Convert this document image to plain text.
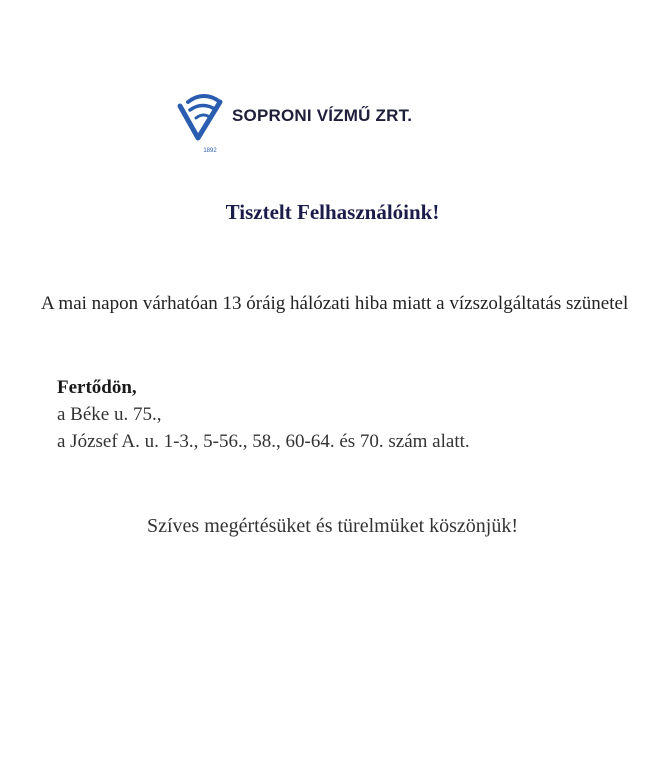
1892
SOPRONI VÍZMŰ ZRT.
Tisztelt Felhasználóink!
A mai napon várhatóan 13 óráig hálózati hiba miatt a vízszolgáltatás szünetel
Fertődön,
a Béke u. 75.,
a József A. u. 1-3., 5-56., 58., 60-64. és 70. szám alatt.
Szíves megértésüket és türelmüket köszönjük!
